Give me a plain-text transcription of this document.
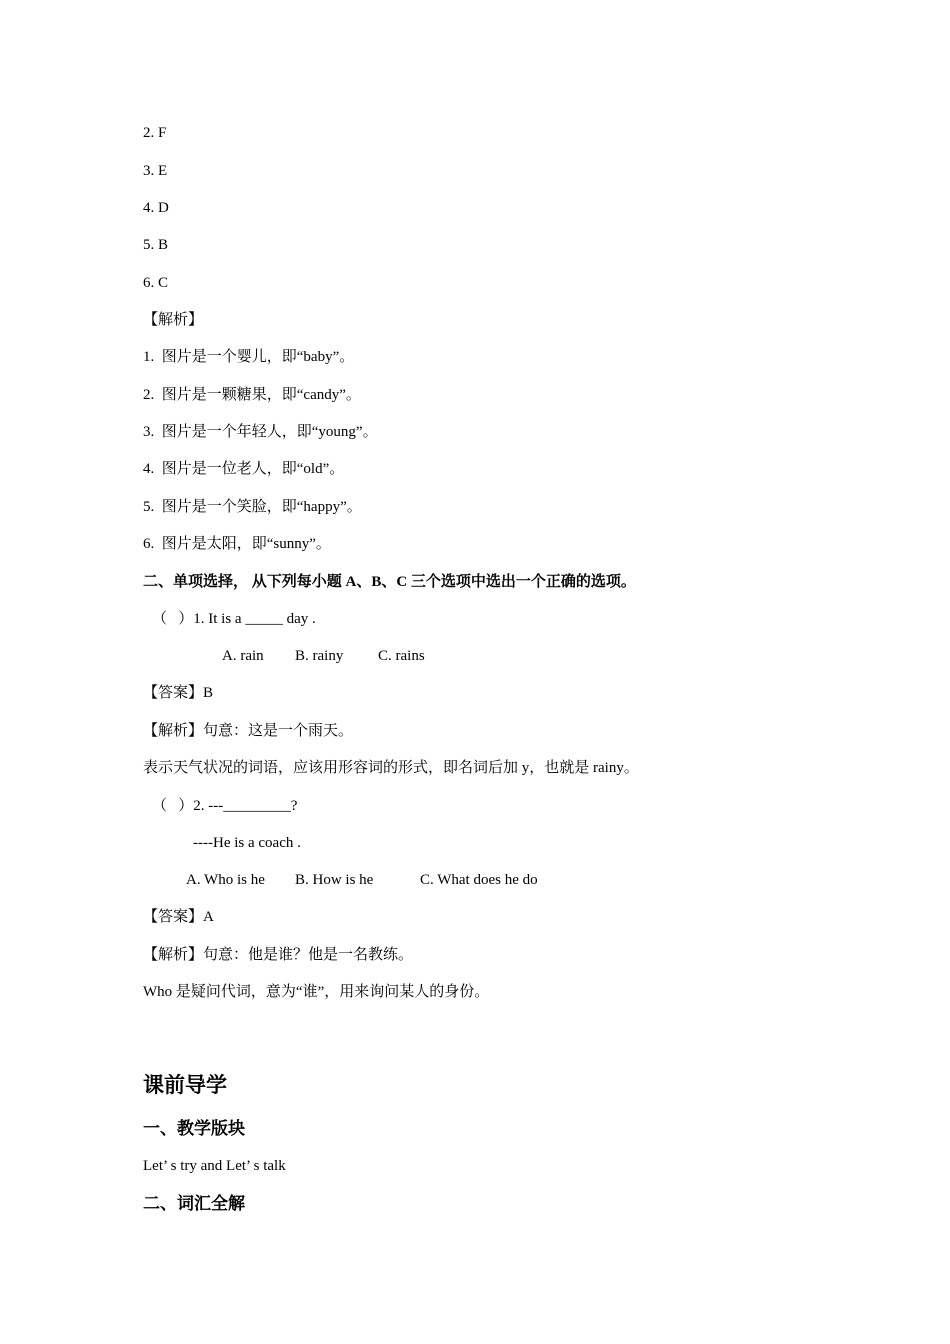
2. F
3. E
4. D
5. B
6. C
【解析】
1.  图片是一个婴儿，即“baby”。
2.  图片是一颗糖果，即“candy”。
3.  图片是一个年轻人，即“young”。
4.  图片是一位老人，即“old”。
5.  图片是一个笑脸，即“happy”。
6.  图片是太阳，即“sunny”。
二、单项选择， 从下列每小题 A、B、C 三个选项中选出一个正确的选项。
（   ）1. It is a _____ day .
A. rain B. rainy C. rains
【答案】B
【解析】句意：这是一个雨天。
表示天气状况的词语，应该用形容词的形式，即名词后加 y，也就是 rainy。
（   ）2. ---_________?
----He is a coach .
A. Who is he B. How is he	C. What does he do
【答案】A
【解析】句意：他是谁？他是一名教练。
Who 是疑问代词，意为“谁”，用来询问某人的身份。
课前导学
一、教学版块
Let’ s try and Let’ s talk
二、词汇全解
